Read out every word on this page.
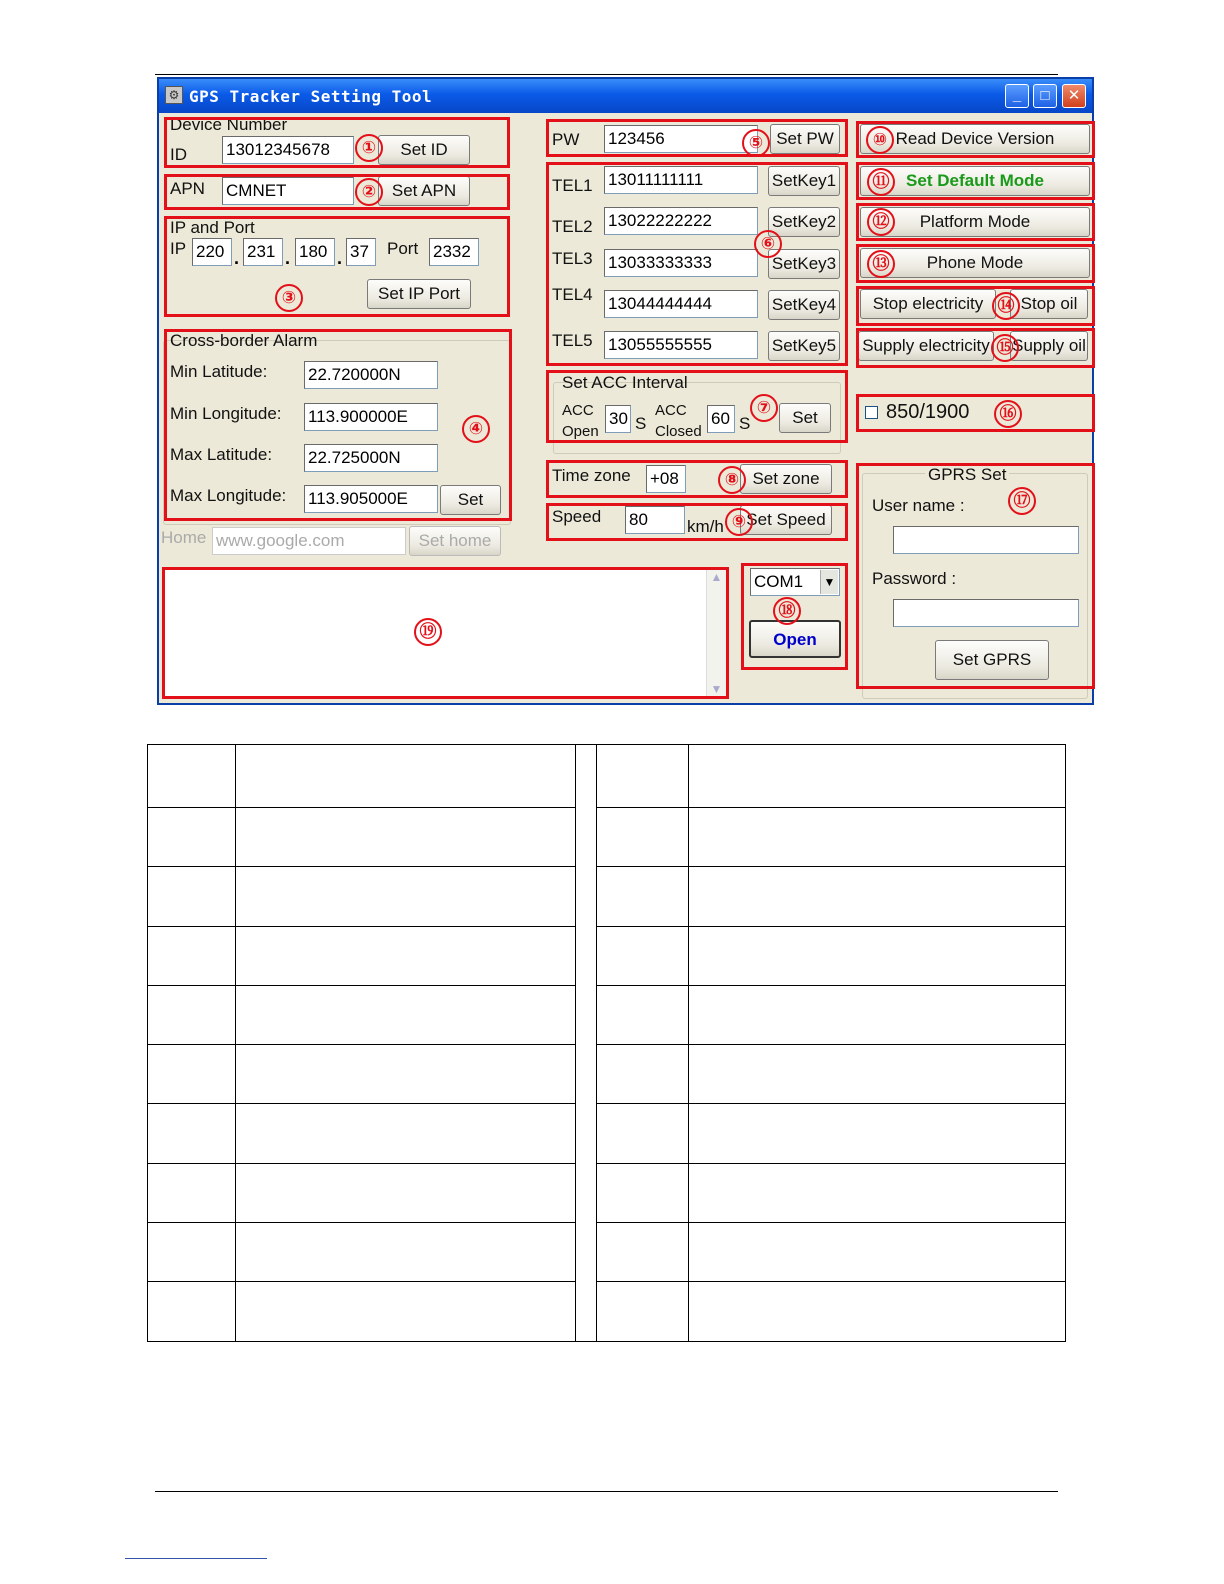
⚙ GPS Tracker Setting Tool	_	□	✕
Device Number
ID 13012345678	Set ID
①
APN CMNET	Set APN
②
IP and Port
IP 220 . 231 . 180 . 37	Port 2332
Set IP Port
③
Cross-border Alarm
Min Latitude: 22.720000N
Min Longitude: 113.900000E
Max Latitude: 22.725000N
Max Longitude: 113.905000E	Set
④
Home www.google.com	Set home
▲
▼
⑲
PW 123456	Set PW
⑤
TEL1 13011111111	SetKey1
TEL2 13022222222	SetKey2
TEL3 13033333333	SetKey3
TEL4 13044444444	SetKey4
TEL5 13055555555	SetKey5
⑥
Set ACC Interval
ACC
Open
30 S
ACC
Closed
60 S	Set
⑦
Time zone +08	Set zone
⑧
Speed 80	km/h	Set Speed
⑨
COM1	▼
Open
⑱
Read Device Version
⑩
Set Default Mode
⑪
Platform Mode
⑫
Phone Mode
⑬
Stop electricity	Stop oil
⑭
Supply electricity Supply oil
⑮
850/1900	⑯
GPRS Set
User name :
Password :
Set GPRS
⑰
